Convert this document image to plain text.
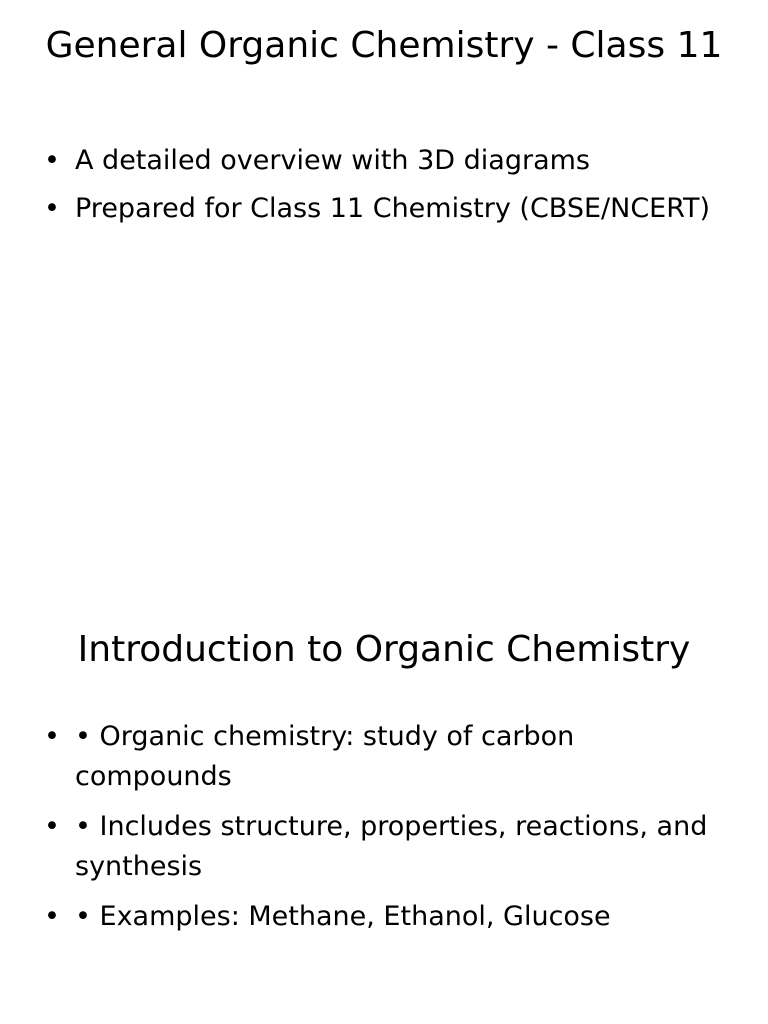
General Organic Chemistry - Class 11
• A detailed overview with 3D diagrams
• Prepared for Class 11 Chemistry (CBSE/NCERT)
Introduction to Organic Chemistry
• • Organic chemistry: study of carbon compounds
• • Includes structure, properties, reactions, and synthesis
• • Examples: Methane, Ethanol, Glucose
